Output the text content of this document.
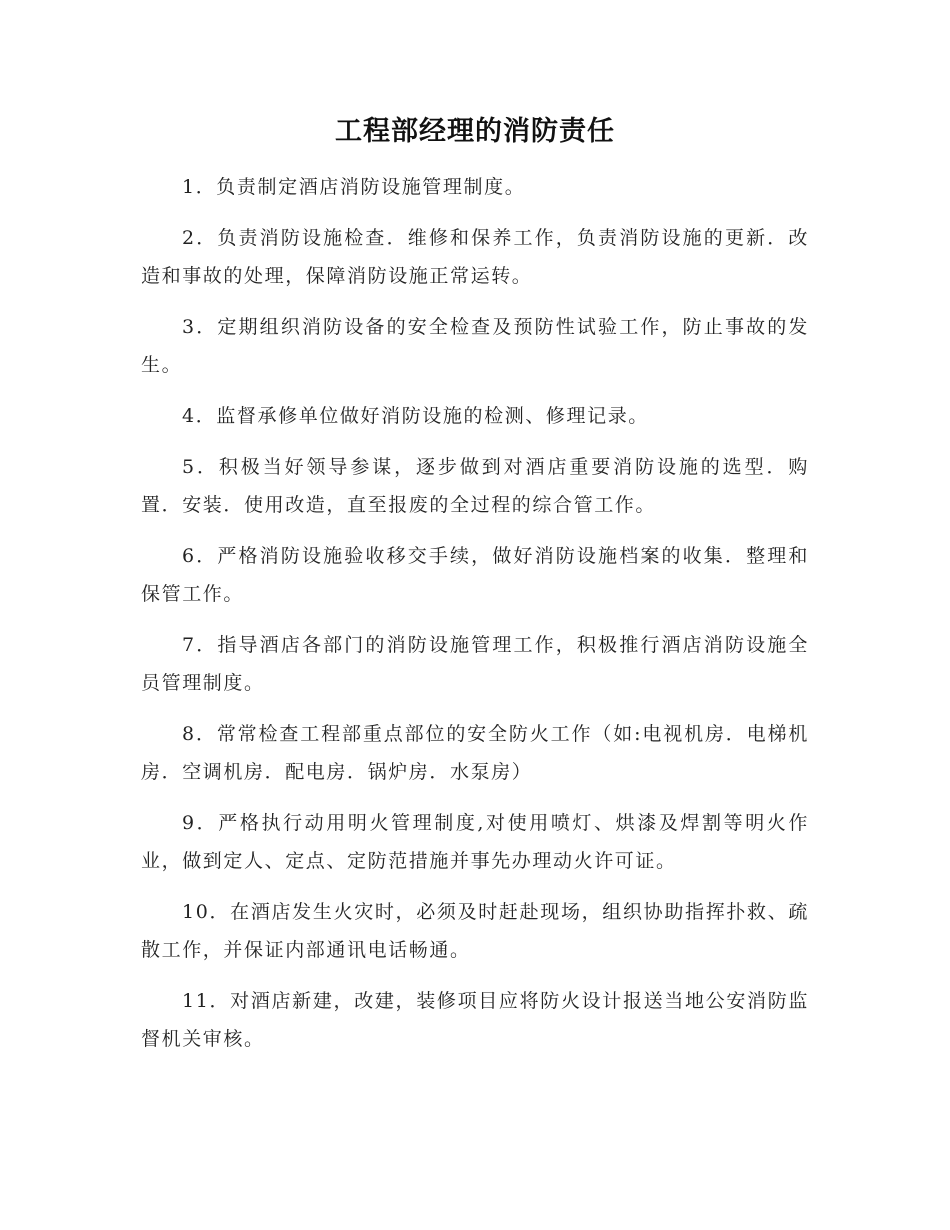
工程部经理的消防责任

1．负责制定酒店消防设施管理制度。

2．负责消防设施检查．维修和保养工作，负责消防设施的更新．改造和事故的处理，保障消防设施正常运转。

3．定期组织消防设备的安全检查及预防性试验工作，防止事故的发生。

4．监督承修单位做好消防设施的检测、修理记录。

5．积极当好领导参谋，逐步做到对酒店重要消防设施的选型．购置．安装．使用改造，直至报废的全过程的综合管工作。

6．严格消防设施验收移交手续，做好消防设施档案的收集．整理和保管工作。

7．指导酒店各部门的消防设施管理工作，积极推行酒店消防设施全员管理制度。

8．常常检查工程部重点部位的安全防火工作（如:电视机房．电梯机房．空调机房．配电房．锅炉房．水泵房）

9．严格执行动用明火管理制度,对使用喷灯、烘漆及焊割等明火作业，做到定人、定点、定防范措施并事先办理动火许可证。

10．在酒店发生火灾时，必须及时赶赴现场，组织协助指挥扑救、疏散工作，并保证内部通讯电话畅通。

11．对酒店新建，改建，装修项目应将防火设计报送当地公安消防监督机关审核。
